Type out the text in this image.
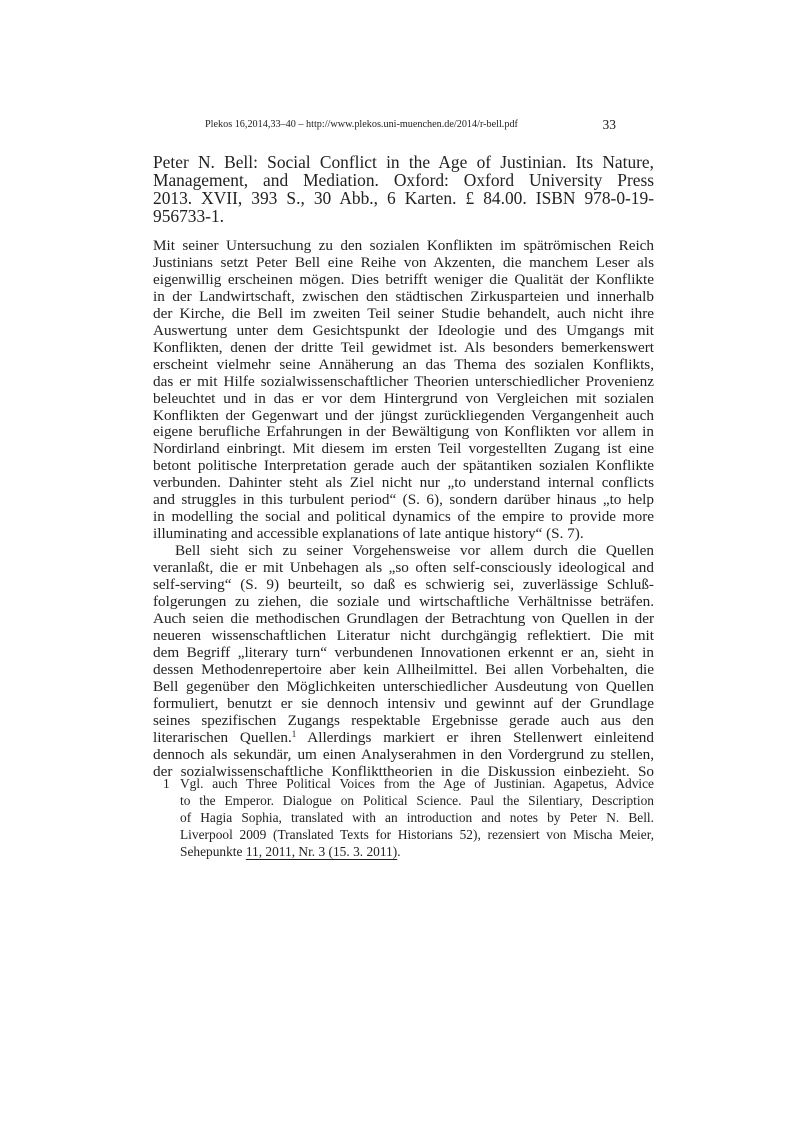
Plekos 16,2014,33–40 – http://www.plekos.uni-muenchen.de/2014/r-bell.pdf	33
Peter N. Bell: Social Conflict in the Age of Justinian. Its Nature,
Management, and Mediation. Oxford: Oxford University Press
2013. XVII, 393 S., 30 Abb., 6 Karten. £ 84.00. ISBN 978-0-19-
956733-1.
Mit seiner Untersuchung zu den sozialen Konflikten im spätrömischen Reich
Justinians setzt Peter Bell eine Reihe von Akzenten, die manchem Leser als
eigenwillig erscheinen mögen. Dies betrifft weniger die Qualität der Konflikte
in der Landwirtschaft, zwischen den städtischen Zirkusparteien und innerhalb
der Kirche, die Bell im zweiten Teil seiner Studie behandelt, auch nicht ihre
Auswertung unter dem Gesichtspunkt der Ideologie und des Umgangs mit
Konflikten, denen der dritte Teil gewidmet ist. Als besonders bemerkenswert
erscheint vielmehr seine Annäherung an das Thema des sozialen Konflikts,
das er mit Hilfe sozialwissenschaftlicher Theorien unterschiedlicher Provenienz
beleuchtet und in das er vor dem Hintergrund von Vergleichen mit sozialen
Konflikten der Gegenwart und der jüngst zurückliegenden Vergangenheit auch
eigene berufliche Erfahrungen in der Bewältigung von Konflikten vor allem in
Nordirland einbringt. Mit diesem im ersten Teil vorgestellten Zugang ist eine
betont politische Interpretation gerade auch der spätantiken sozialen Konflikte
verbunden. Dahinter steht als Ziel nicht nur „to understand internal conflicts
and struggles in this turbulent period“ (S. 6), sondern darüber hinaus „to help
in modelling the social and political dynamics of the empire to provide more
illuminating and accessible explanations of late antique history“ (S. 7).
Bell sieht sich zu seiner Vorgehensweise vor allem durch die Quellen
veranlaßt, die er mit Unbehagen als „so often self-consciously ideological and
self-serving“ (S. 9) beurteilt, so daß es schwierig sei, zuverlässige Schluß-
folgerungen zu ziehen, die soziale und wirtschaftliche Verhältnisse beträfen.
Auch seien die methodischen Grundlagen der Betrachtung von Quellen in der
neueren wissenschaftlichen Literatur nicht durchgängig reflektiert. Die mit
dem Begriff „literary turn“ verbundenen Innovationen erkennt er an, sieht in
dessen Methodenrepertoire aber kein Allheilmittel. Bei allen Vorbehalten, die
Bell gegenüber den Möglichkeiten unterschiedlicher Ausdeutung von Quellen
formuliert, benutzt er sie dennoch intensiv und gewinnt auf der Grundlage
seines spezifischen Zugangs respektable Ergebnisse gerade auch aus den
literarischen Quellen.$^1$ Allerdings markiert er ihren Stellenwert einleitend
dennoch als sekundär, um einen Analyserahmen in den Vordergrund zu stellen,
der sozialwissenschaftliche Konflikttheorien in die Diskussion einbezieht. So
1 Vgl. auch Three Political Voices from the Age of Justinian. Agapetus, Advice
to the Emperor. Dialogue on Political Science. Paul the Silentiary, Description
of Hagia Sophia, translated with an introduction and notes by Peter N. Bell.
Liverpool 2009 (Translated Texts for Historians 52), rezensiert von Mischa Meier,
Sehepunkte 11, 2011, Nr. 3 (15. 3. 2011).
